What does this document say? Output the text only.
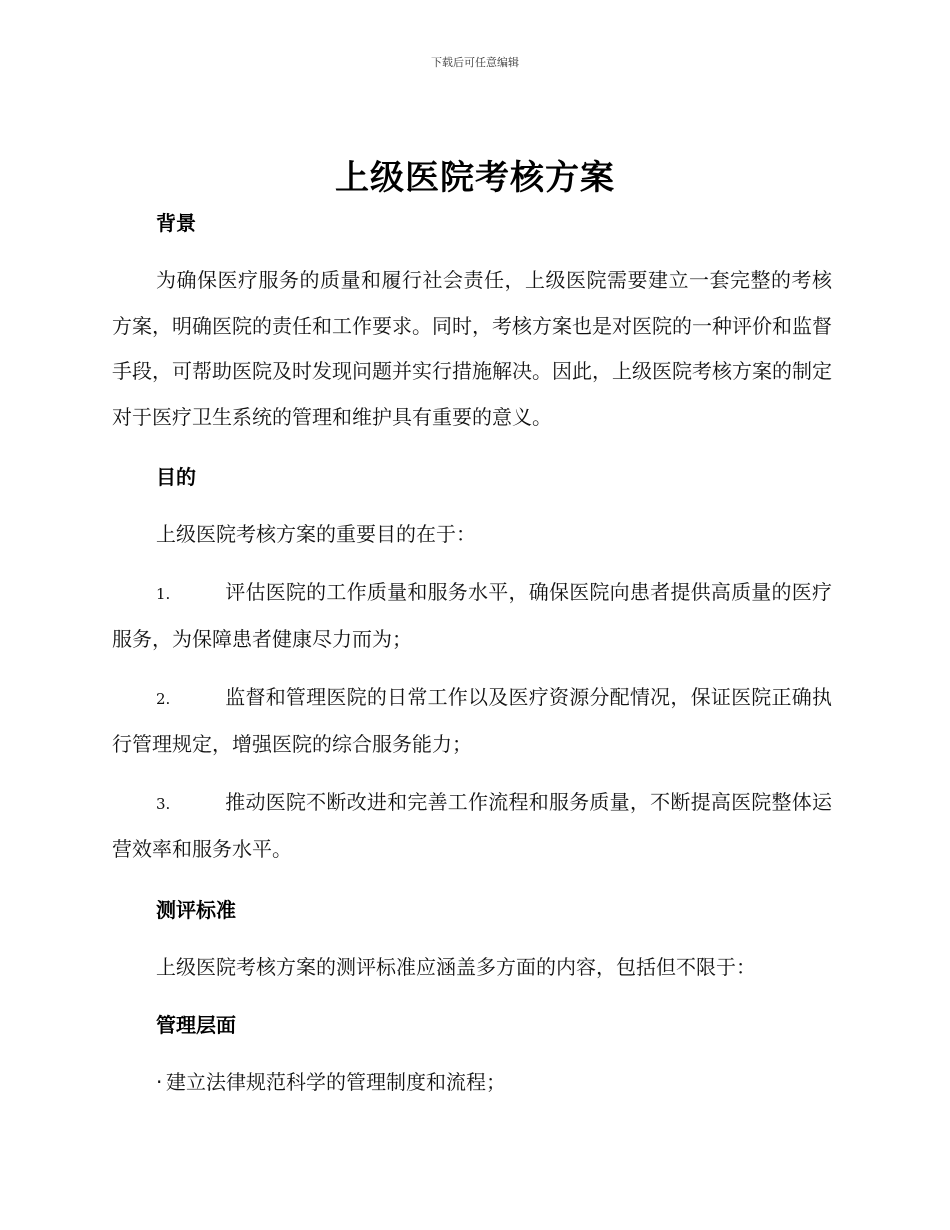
下载后可任意编辑
上级医院考核方案
背景

为确保医疗服务的质量和履行社会责任，上级医院需要建立一套完整的考核方案，明确医院的责任和工作要求。同时，考核方案也是对医院的一种评价和监督手段，可帮助医院及时发现问题并实行措施解决。因此，上级医院考核方案的制定对于医疗卫生系统的管理和维护具有重要的意义。

目的

上级医院考核方案的重要目的在于：

1.	评估医院的工作质量和服务水平，确保医院向患者提供高质量的医疗服务，为保障患者健康尽力而为；
2.	监督和管理医院的日常工作以及医疗资源分配情况，保证医院正确执行管理规定，增强医院的综合服务能力；
3.	推动医院不断改进和完善工作流程和服务质量，不断提高医院整体运营效率和服务水平。
测评标准

上级医院考核方案的测评标准应涵盖多方面的内容，包括但不限于：

管理层面
· 建立法律规范科学的管理制度和流程；
